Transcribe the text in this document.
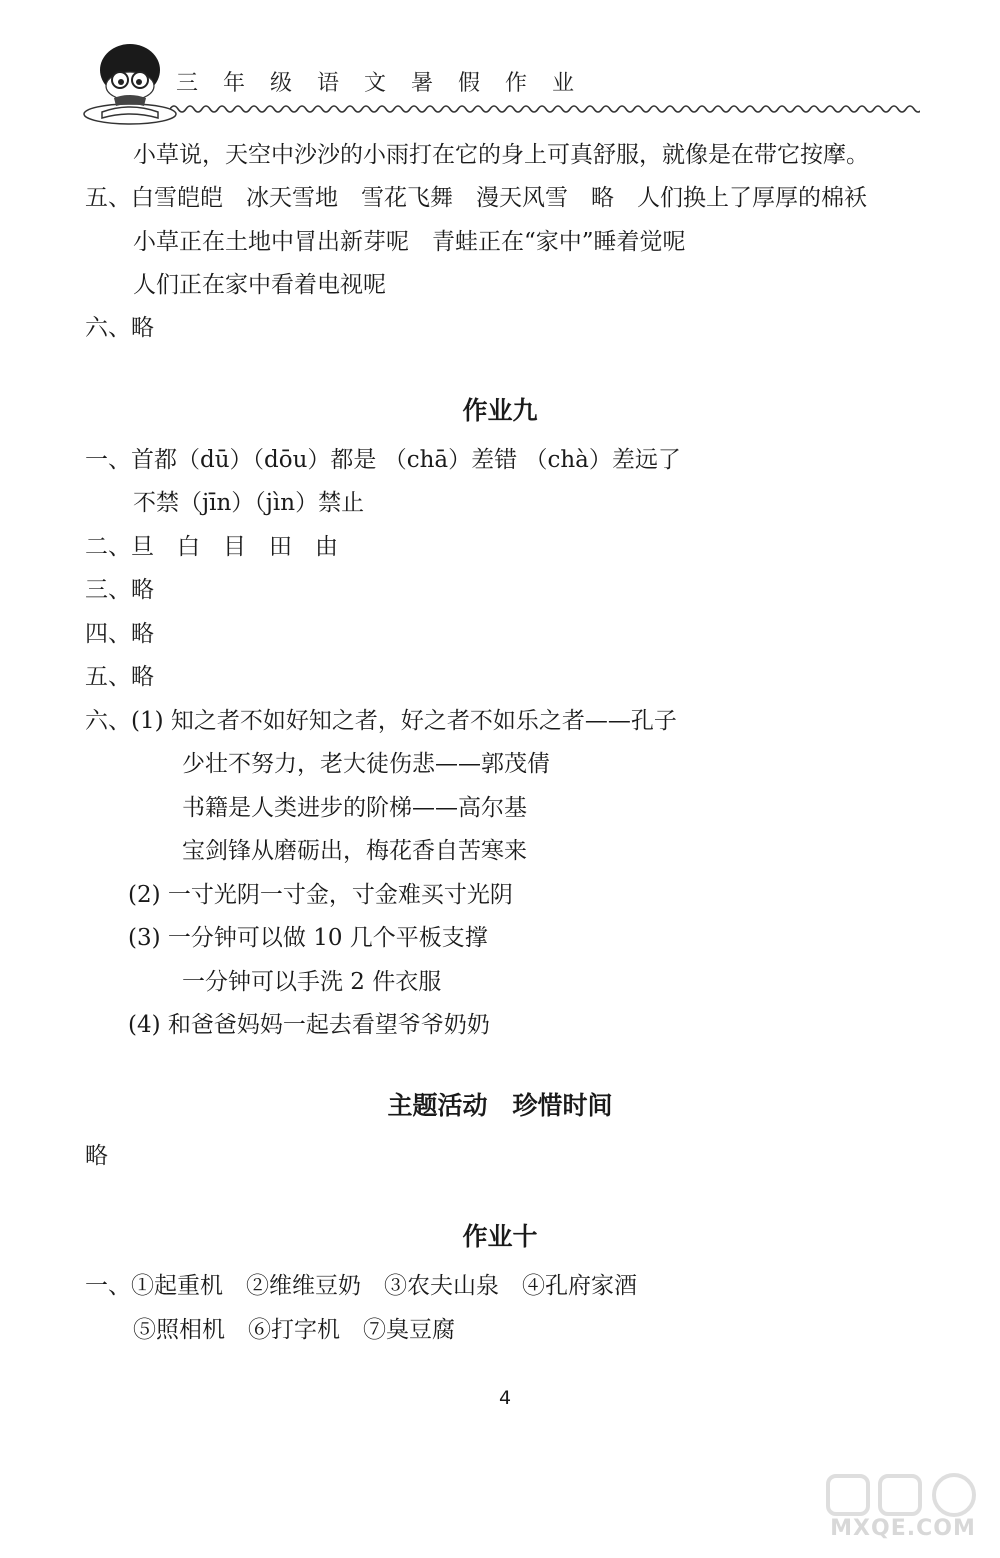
三 年 级 语 文 暑 假 作 业
小草说，天空中沙沙的小雨打在它的身上可真舒服，就像是在带它按摩。
五、白雪皑皑　冰天雪地　雪花飞舞　漫天风雪　略　人们换上了厚厚的棉袄
小草正在土地中冒出新芽呢　青蛙正在“家中”睡着觉呢
人们正在家中看着电视呢
六、略
作业九
一、首都（dū）（dōu）都是 （chā）差错 （chà）差远了
不禁（jīn）（jìn）禁止
二、旦　白　目　田　由
三、略
四、略
五、略
六、(1) 知之者不如好知之者，好之者不如乐之者——孔子
少壮不努力，老大徒伤悲——郭茂倩
书籍是人类进步的阶梯——高尔基
宝剑锋从磨砺出，梅花香自苦寒来
(2) 一寸光阴一寸金，寸金难买寸光阴
(3) 一分钟可以做 10 几个平板支撑
一分钟可以手洗 2 件衣服
(4) 和爸爸妈妈一起去看望爷爷奶奶
主题活动　珍惜时间
略
作业十
一、①起重机　②维维豆奶　③农夫山泉　④孔府家酒
⑤照相机　⑥打字机　⑦臭豆腐
4
MXQE.COM
